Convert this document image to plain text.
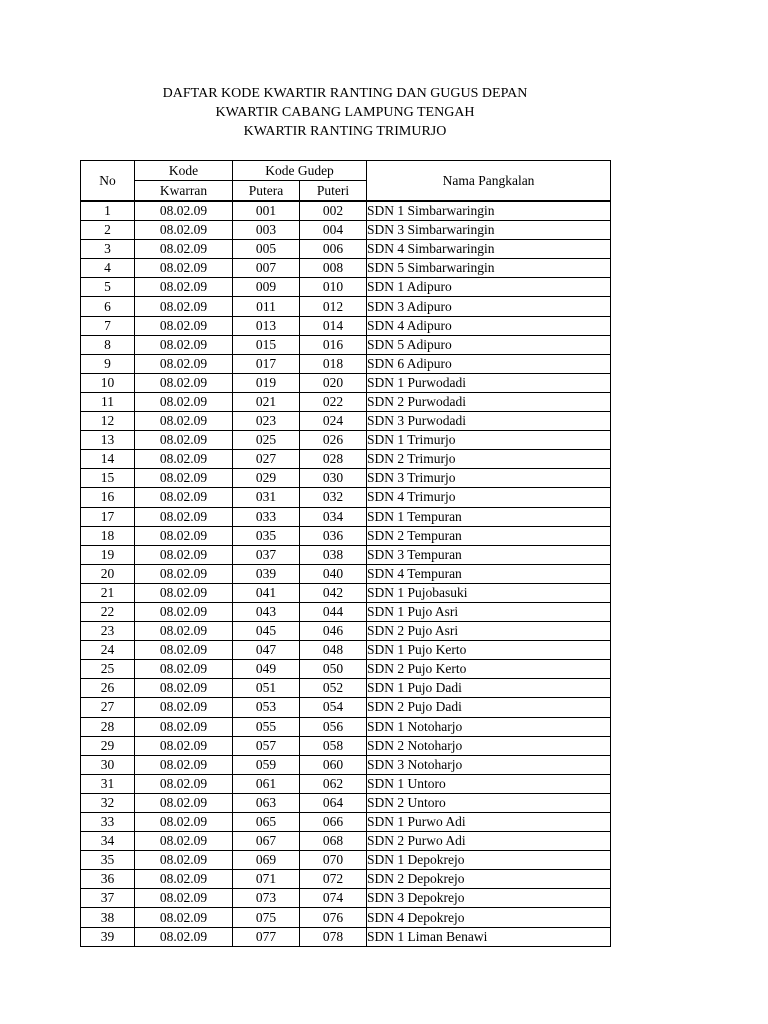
DAFTAR KODE KWARTIR RANTING DAN GUGUS DEPAN
KWARTIR CABANG LAMPUNG TENGAH
KWARTIR RANTING TRIMURJO
No	Kode	Kode Gudep		Nama Pangkalan
	Kwarran	Putera	Puteri	
1	08.02.09	001	002	SDN 1 Simbarwaringin
2	08.02.09	003	004	SDN 3 Simbarwaringin
3	08.02.09	005	006	SDN 4 Simbarwaringin
4	08.02.09	007	008	SDN 5 Simbarwaringin
5	08.02.09	009	010	SDN 1 Adipuro
6	08.02.09	011	012	SDN 3 Adipuro
7	08.02.09	013	014	SDN 4 Adipuro
8	08.02.09	015	016	SDN 5 Adipuro
9	08.02.09	017	018	SDN 6 Adipuro
10	08.02.09	019	020	SDN 1 Purwodadi
11	08.02.09	021	022	SDN 2 Purwodadi
12	08.02.09	023	024	SDN 3 Purwodadi
13	08.02.09	025	026	SDN 1 Trimurjo
14	08.02.09	027	028	SDN 2 Trimurjo
15	08.02.09	029	030	SDN 3 Trimurjo
16	08.02.09	031	032	SDN 4 Trimurjo
17	08.02.09	033	034	SDN 1 Tempuran
18	08.02.09	035	036	SDN 2 Tempuran
19	08.02.09	037	038	SDN 3 Tempuran
20	08.02.09	039	040	SDN 4 Tempuran
21	08.02.09	041	042	SDN 1 Pujobasuki
22	08.02.09	043	044	SDN 1 Pujo Asri
23	08.02.09	045	046	SDN 2 Pujo Asri
24	08.02.09	047	048	SDN 1 Pujo Kerto
25	08.02.09	049	050	SDN 2 Pujo Kerto
26	08.02.09	051	052	SDN 1 Pujo Dadi
27	08.02.09	053	054	SDN 2 Pujo Dadi
28	08.02.09	055	056	SDN 1 Notoharjo
29	08.02.09	057	058	SDN 2 Notoharjo
30	08.02.09	059	060	SDN 3 Notoharjo
31	08.02.09	061	062	SDN 1 Untoro
32	08.02.09	063	064	SDN 2 Untoro
33	08.02.09	065	066	SDN 1 Purwo Adi
34	08.02.09	067	068	SDN 2 Purwo Adi
35	08.02.09	069	070	SDN 1 Depokrejo
36	08.02.09	071	072	SDN 2 Depokrejo
37	08.02.09	073	074	SDN 3 Depokrejo
38	08.02.09	075	076	SDN 4 Depokrejo
39	08.02.09	077	078	SDN 1 Liman Benawi
